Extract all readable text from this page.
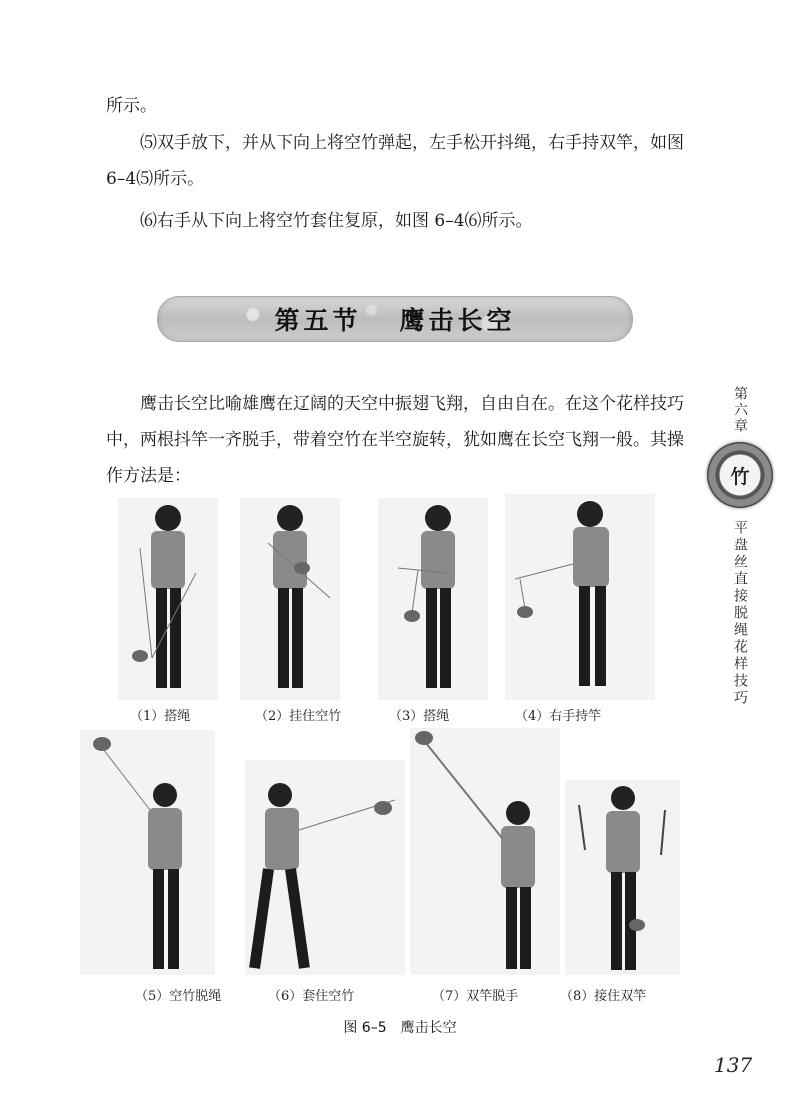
所示。

⑸双手放下，并从下向上将空竹弹起，左手松开抖绳，右手持双竿，如图 6–4⑸所示。

⑹右手从下向上将空竹套住复原，如图 6–4⑹所示。

第五节 鹰击长空

鹰击长空比喻雄鹰在辽阔的天空中振翅飞翔，自由自在。在这个花样技巧中，两根抖竿一齐脱手，带着空竹在半空旋转，犹如鹰在长空飞翔一般。其操作方法是：

第六章
竹
平盘丝直接脱绳花样技巧
（1）搭绳	（2）挂住空竹	（3）搭绳	（4）右手持竿
（5）空竹脱绳	（6）套住空竹	（7）双竿脱手	（8）接住双竿
图 6–5 鹰击长空
137
